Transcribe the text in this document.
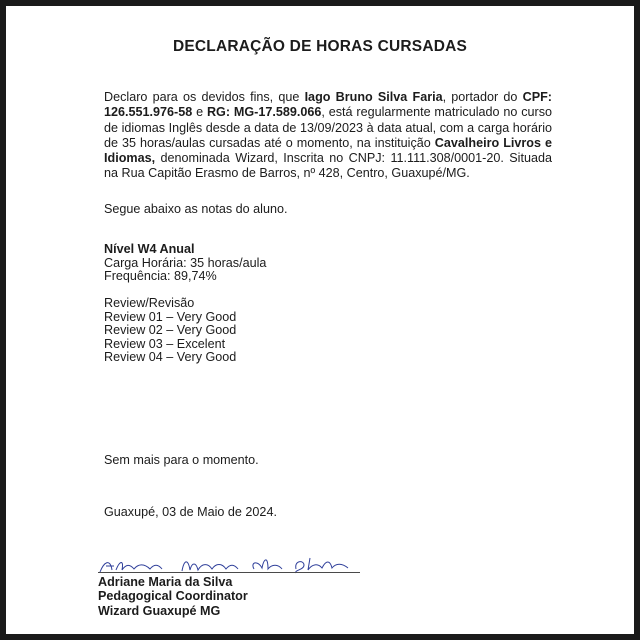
DECLARAÇÃO DE HORAS CURSADAS
Declaro para os devidos fins, que Iago Bruno Silva Faria, portador do CPF: 126.551.976-58 e RG: MG-17.589.066, está regularmente matriculado no curso de idiomas Inglês desde a data de 13/09/2023 à data atual, com a carga horário de 35 horas/aulas cursadas até o momento, na instituição Cavalheiro Livros e Idiomas, denominada Wizard, Inscrita no CNPJ: 11.111.308/0001-20. Situada na Rua Capitão Erasmo de Barros, nº 428, Centro, Guaxupé/MG.
Segue abaixo as notas do aluno.
Nível W4 Anual
Carga Horária: 35 horas/aula
Frequência: 89,74%
Review/Revisão
Review 01 – Very Good
Review 02 – Very Good
Review 03 – Excelent
Review 04 – Very Good
Sem mais para o momento.
Guaxupé, 03 de Maio de 2024.
Adriane Maria da Silva
Pedagogical Coordinator
Wizard Guaxupé MG
